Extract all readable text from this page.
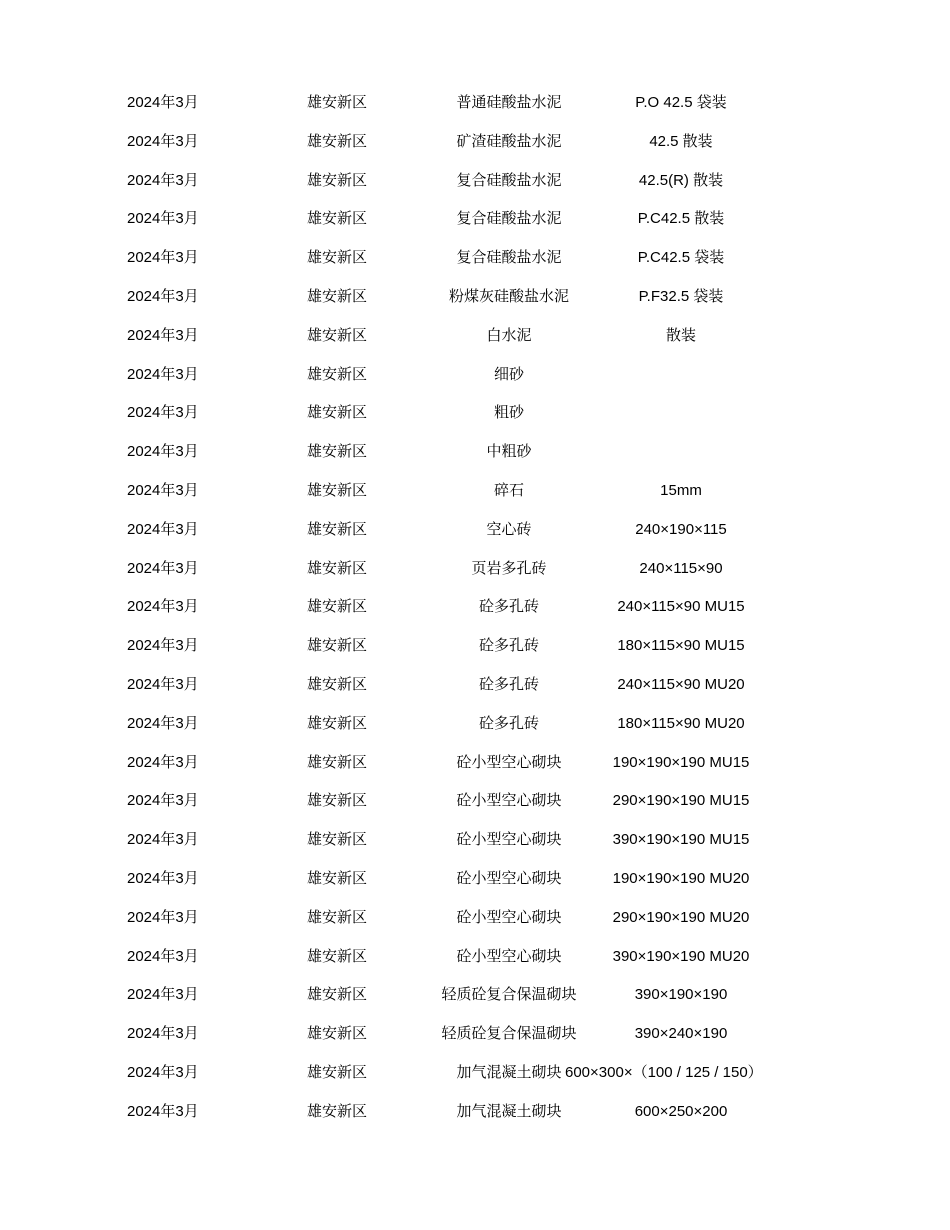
2024年3月	雄安新区	普通硅酸盐水泥	P.O 42.5 袋装
2024年3月	雄安新区	矿渣硅酸盐水泥	42.5 散装
2024年3月	雄安新区	复合硅酸盐水泥	42.5(R) 散装
2024年3月	雄安新区	复合硅酸盐水泥	P.C42.5 散装
2024年3月	雄安新区	复合硅酸盐水泥	P.C42.5 袋装
2024年3月	雄安新区	粉煤灰硅酸盐水泥	P.F32.5 袋装
2024年3月	雄安新区	白水泥	散装
2024年3月	雄安新区	细砂
2024年3月	雄安新区	粗砂
2024年3月	雄安新区	中粗砂
2024年3月	雄安新区	碎石	15mm
2024年3月	雄安新区	空心砖	240×190×115
2024年3月	雄安新区	页岩多孔砖	240×115×90
2024年3月	雄安新区	砼多孔砖	240×115×90 MU15
2024年3月	雄安新区	砼多孔砖	180×115×90 MU15
2024年3月	雄安新区	砼多孔砖	240×115×90 MU20
2024年3月	雄安新区	砼多孔砖	180×115×90 MU20
2024年3月	雄安新区	砼小型空心砌块	190×190×190 MU15
2024年3月	雄安新区	砼小型空心砌块	290×190×190 MU15
2024年3月	雄安新区	砼小型空心砌块	390×190×190 MU15
2024年3月	雄安新区	砼小型空心砌块	190×190×190 MU20
2024年3月	雄安新区	砼小型空心砌块	290×190×190 MU20
2024年3月	雄安新区	砼小型空心砌块	390×190×190 MU20
2024年3月	雄安新区	轻质砼复合保温砌块	390×190×190
2024年3月	雄安新区	轻质砼复合保温砌块	390×240×190
2024年3月	雄安新区	加气混凝土砌块 600×300×（100 / 125 / 150）
2024年3月	雄安新区	加气混凝土砌块	600×250×200
